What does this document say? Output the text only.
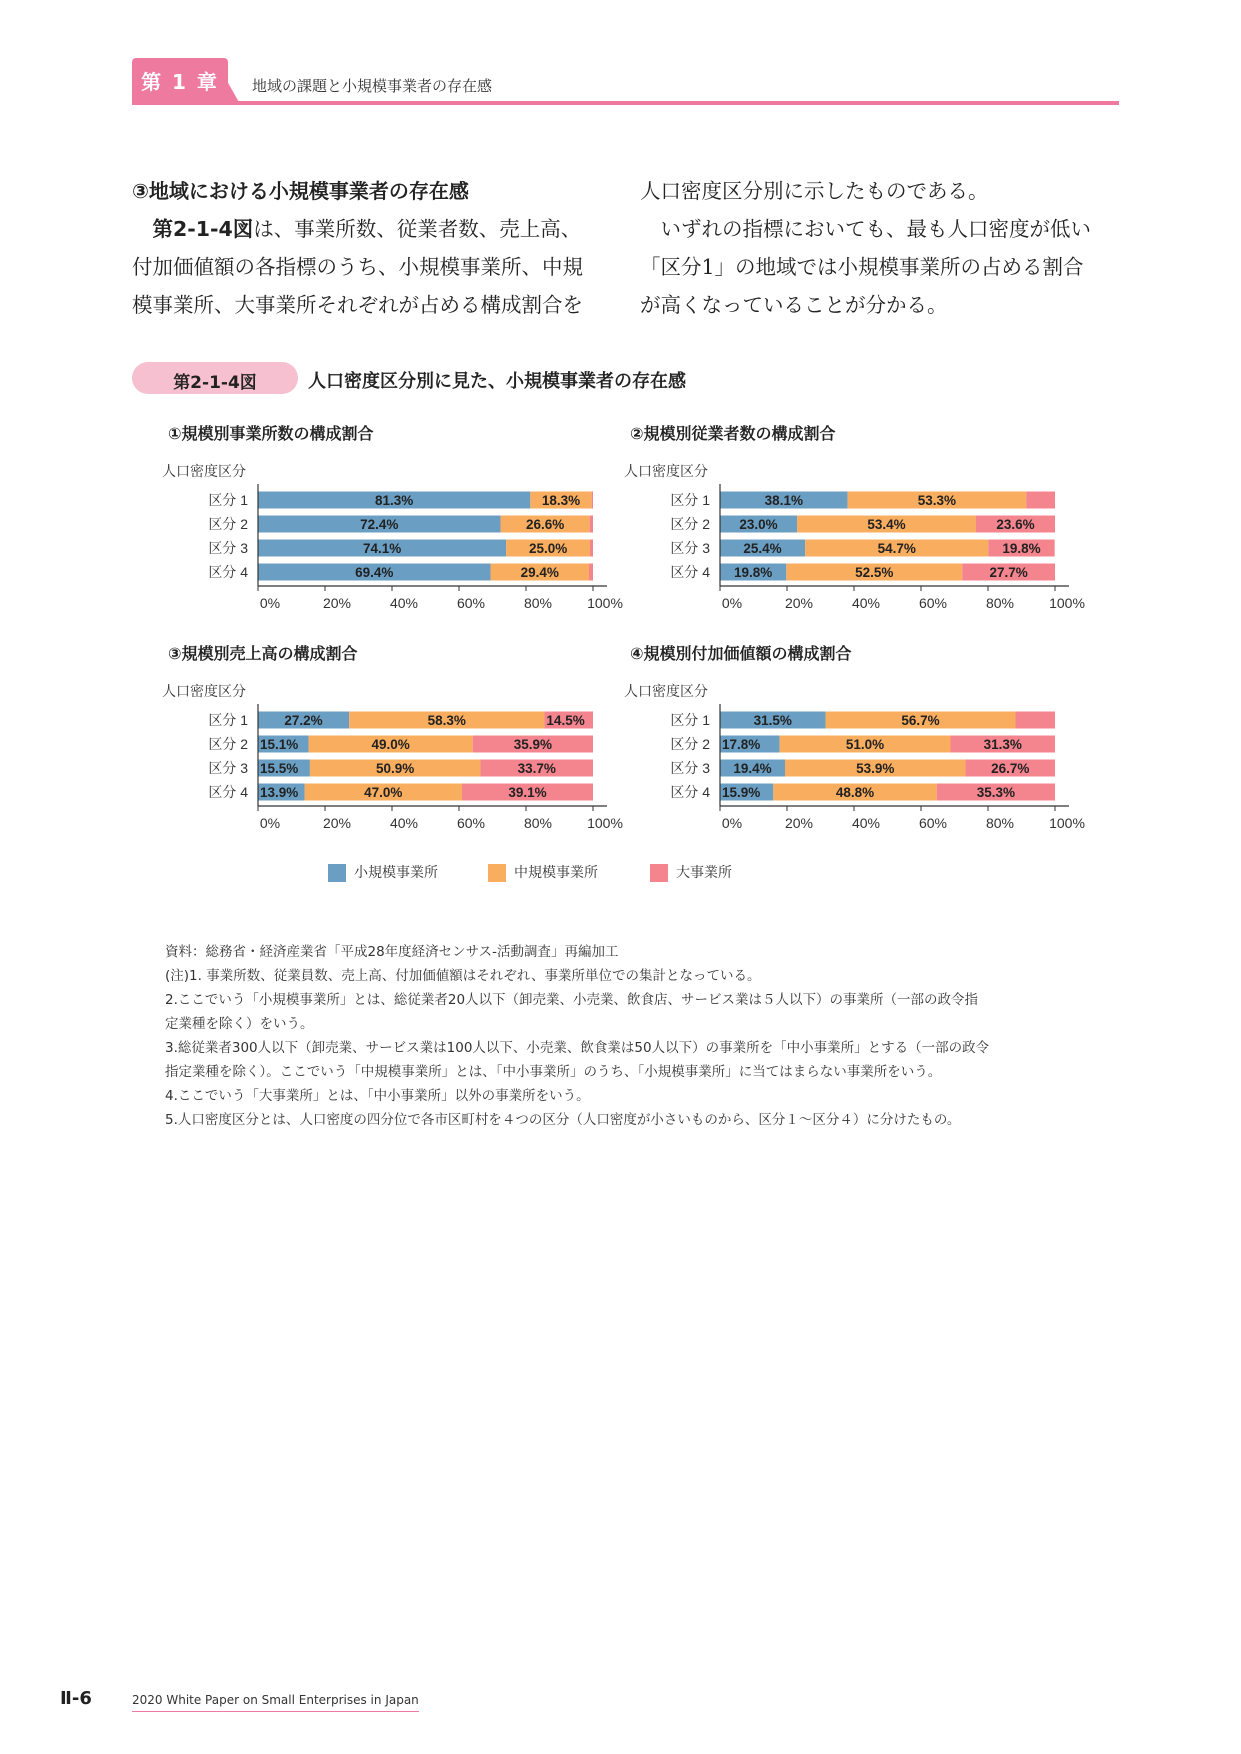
第 1 章	地域の課題と小規模事業者の存在感

③地域における小規模事業者の存在感

　第2-1-4図は、事業所数、従業者数、売上高、

付加価値額の各指標のうち、小規模事業所、中規

模事業所、大事業所それぞれが占める構成割合を

人口密度区分別に示したものである。

　いずれの指標においても、最も人口密度が低い

「区分1」の地域では小規模事業所の占める割合

が高くなっていることが分かる。

第2-1-4図	人口密度区分別に見た、小規模事業者の存在感
①規模別事業所数の構成割合	②規模別従業者数の構成割合
③規模別売上高の構成割合	④規模別付加価値額の構成割合
人口密度区分
区分 1	81.3%	18.3%
区分 2	72.4%	26.6%
区分 3	74.1%	25.0%
区分 4	69.4%	29.4%
0%	20%	40%	60%	80%	100%
人口密度区分
区分 1	38.1%	53.3%
区分 2 23.0%	53.4%	23.6%
区分 3 25.4%	54.7%	19.8%
区分 4 19.8%	52.5%	27.7%
0%	20%	40%	60%	80%	100%
人口密度区分
区分 1	27.2%	58.3%	14.5%
区分 2 15.1%	49.0%	35.9%
区分 3 15.5%	50.9%	33.7%
区分 4 13.9%	47.0%	39.1%
0%	20%	40%	60%	80%	100%
人口密度区分
区分 1	31.5%	56.7%
区分 2 17.8%	51.0%	31.3%
区分 3 19.4%	53.9%	26.7%
区分 4 15.9%	48.8%	35.3%
0%	20%	40%	60%	80%	100%
小規模事業所	中規模事業所	大事業所
資料：総務省・経済産業省「平成28年度経済センサス-活動調査」再編加工
(注)1. 事業所数、従業員数、売上高、付加価値額はそれぞれ、事業所単位での集計となっている。
2.ここでいう「小規模事業所」とは、総従業者20人以下（卸売業、小売業、飲食店、サービス業は５人以下）の事業所（一部の政令指
定業種を除く）をいう。
3.総従業者300人以下（卸売業、サービス業は100人以下、小売業、飲食業は50人以下）の事業所を「中小事業所」とする（一部の政令
指定業種を除く）。ここでいう「中規模事業所」とは、「中小事業所」のうち、「小規模事業所」に当てはまらない事業所をいう。
4.ここでいう「大事業所」とは、「中小事業所」以外の事業所をいう。
5.人口密度区分とは、人口密度の四分位で各市区町村を４つの区分（人口密度が小さいものから、区分１～区分４）に分けたもの。
Ⅱ-6	2020 White Paper on Small Enterprises in Japan
